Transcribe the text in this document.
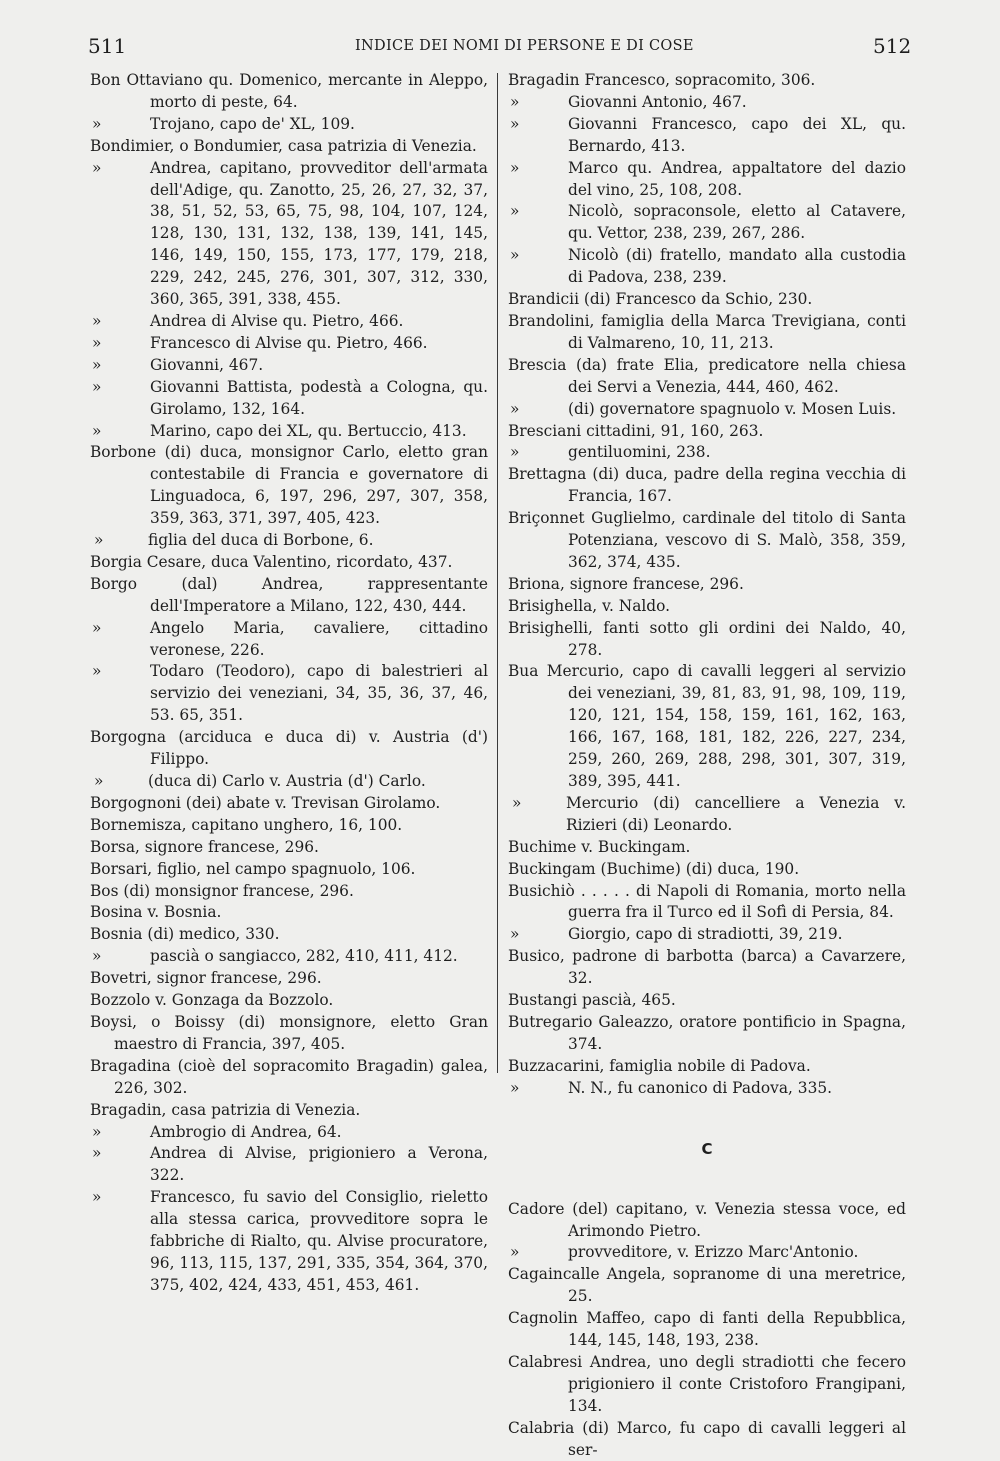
511	INDICE DEI NOMI DI PERSONE E DI COSE	512
Bon Ottaviano qu. Domenico, mercante in Aleppo, morto di peste, 64.
» Trojano, capo de' XL, 109.
Bondimier, o Bondumier, casa patrizia di Venezia.
» Andrea, capitano, provveditor dell'armata dell'Adige, qu. Zanotto, 25, 26, 27, 32, 37, 38, 51, 52, 53, 65, 75, 98, 104, 107, 124, 128, 130, 131, 132, 138, 139, 141, 145, 146, 149, 150, 155, 173, 177, 179, 218, 229, 242, 245, 276, 301, 307, 312, 330, 360, 365, 391, 338, 455.
» Andrea di Alvise qu. Pietro, 466.
» Francesco di Alvise qu. Pietro, 466.
» Giovanni, 467.
» Giovanni Battista, podestà a Cologna, qu. Girolamo, 132, 164.
» Marino, capo dei XL, qu. Bertuccio, 413.
Borbone (di) duca, monsignor Carlo, eletto gran contestabile di Francia e governatore di Linguadoca, 6, 197, 296, 297, 307, 358, 359, 363, 371, 397, 405, 423.
» figlia del duca di Borbone, 6.
Borgia Cesare, duca Valentino, ricordato, 437.
Borgo (dal) Andrea, rappresentante dell'Imperatore a Milano, 122, 430, 444.
» Angelo Maria, cavaliere, cittadino veronese, 226.
» Todaro (Teodoro), capo di balestrieri al servizio dei veneziani, 34, 35, 36, 37, 46, 53. 65, 351.
Borgogna (arciduca e duca di) v. Austria (d') Filippo.
» (duca di) Carlo v. Austria (d') Carlo.
Borgognoni (dei) abate v. Trevisan Girolamo.
Bornemisza, capitano unghero, 16, 100.
Borsa, signore francese, 296.
Borsari, figlio, nel campo spagnuolo, 106.
Bos (di) monsignor francese, 296.
Bosina v. Bosnia.
Bosnia (di) medico, 330.
» pascià o sangiacco, 282, 410, 411, 412.
Bovetri, signor francese, 296.
Bozzolo v. Gonzaga da Bozzolo.
Boysi, o Boissy (di) monsignore, eletto Gran maestro di Francia, 397, 405.
Bragadina (cioè del sopracomito Bragadin) galea, 226, 302.
Bragadin, casa patrizia di Venezia.
» Ambrogio di Andrea, 64.
» Andrea di Alvise, prigioniero a Verona, 322.
» Francesco, fu savio del Consiglio, rieletto alla stessa carica, provveditore sopra le fabbriche di Rialto, qu. Alvise procuratore, 96, 113, 115, 137, 291, 335, 354, 364, 370, 375, 402, 424, 433, 451, 453, 461.
Bragadin Francesco, sopracomito, 306.
» Giovanni Antonio, 467.
» Giovanni Francesco, capo dei XL, qu. Bernardo, 413.
» Marco qu. Andrea, appaltatore del dazio del vino, 25, 108, 208.
» Nicolò, sopraconsole, eletto al Catavere, qu. Vettor, 238, 239, 267, 286.
» Nicolò (di) fratello, mandato alla custodia di Padova, 238, 239.
Brandicii (di) Francesco da Schio, 230.
Brandolini, famiglia della Marca Trevigiana, conti di Valmareno, 10, 11, 213.
Brescia (da) frate Elia, predicatore nella chiesa dei Servi a Venezia, 444, 460, 462.
» (di) governatore spagnuolo v. Mosen Luis.
Bresciani cittadini, 91, 160, 263.
» gentiluomini, 238.
Brettagna (di) duca, padre della regina vecchia di Francia, 167.
Briçonnet Guglielmo, cardinale del titolo di Santa Potenziana, vescovo di S. Malò, 358, 359, 362, 374, 435.
Briona, signore francese, 296.
Brisighella, v. Naldo.
Brisighelli, fanti sotto gli ordini dei Naldo, 40, 278.
Bua Mercurio, capo di cavalli leggeri al servizio dei veneziani, 39, 81, 83, 91, 98, 109, 119, 120, 121, 154, 158, 159, 161, 162, 163, 166, 167, 168, 181, 182, 226, 227, 234, 259, 260, 269, 288, 298, 301, 307, 319, 389, 395, 441.
» Mercurio (di) cancelliere a Venezia v. Rizieri (di) Leonardo.
Buchime v. Buckingam.
Buckingam (Buchime) (di) duca, 190.
Busichiò . . . . . di Napoli di Romania, morto nella guerra fra il Turco ed il Sofì di Persia, 84.
» Giorgio, capo di stradiotti, 39, 219.
Busico, padrone di barbotta (barca) a Cavarzere, 32.
Bustangi pascià, 465.
Butregario Galeazzo, oratore pontificio in Spagna, 374.
Buzzacarini, famiglia nobile di Padova.
» N. N., fu canonico di Padova, 335.
C
Cadore (del) capitano, v. Venezia stessa voce, ed Arimondo Pietro.
» provveditore, v. Erizzo Marc'Antonio.
Cagaincalle Angela, sopranome di una meretrice, 25.
Cagnolin Maffeo, capo di fanti della Repubblica, 144, 145, 148, 193, 238.
Calabresi Andrea, uno degli stradiotti che fecero prigioniero il conte Cristoforo Frangipani, 134.
Calabria (di) Marco, fu capo di cavalli leggeri al ser-
